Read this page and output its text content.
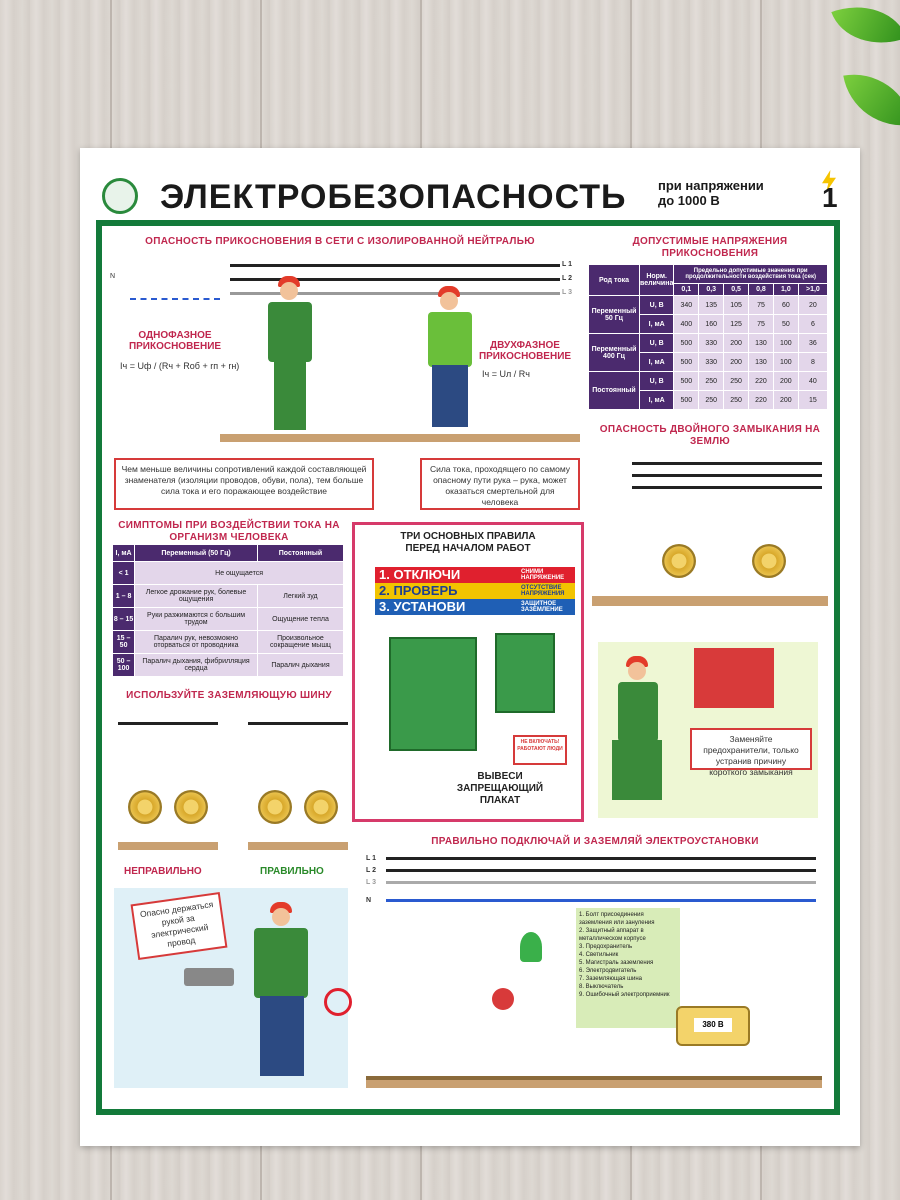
ЭЛЕКТРОБЕЗОПАСНОСТЬ при напряжении
до 1000 В	1
ОПАСНОСТЬ ПРИКОСНОВЕНИЯ В СЕТИ С ИЗОЛИРОВАННОЙ НЕЙТРАЛЬЮ
N
L 1
L 2
L 3
ОДНОФАЗНОЕ ПРИКОСНОВЕНИЕ
Iч = Uф / (Rч + Rоб + rп + rн)
ДВУХФАЗНОЕ ПРИКОСНОВЕНИЕ
Iч = Uл / Rч
Чем меньше величины сопротивлений каждой составляющей знаменателя (изоляции проводов, обуви, пола), тем больше сила тока и его поражающее воздействие
Сила тока, проходящего по самому опасному пути рука – рука, может оказаться смертельной для человека
ДОПУСТИМЫЕ НАПРЯЖЕНИЯ ПРИКОСНОВЕНИЯ
Род тока	Норм. величина	Предельно допустимые значения при продолжительности воздействия тока (сек)					
		0,1	0,3	0,5	0,8	1,0	>1,0
Переменный 50 Гц	U, В	340	135	105	75	60	20
	I, мА	400	160	125	75	50	6
Переменный 400 Гц	U, В	500	330	200	130	100	36
	I, мА	500	330	200	130	100	8
Постоянный	U, В	500	250	250	220	200	40
	I, мА	500	250	250	220	200	15
ОПАСНОСТЬ ДВОЙНОГО ЗАМЫКАНИЯ НА ЗЕМЛЮ
Заменяйте предохранители, только устранив причину короткого замыкания
СИМПТОМЫ ПРИ ВОЗДЕЙСТВИИ ТОКА НА ОРГАНИЗМ ЧЕЛОВЕКА
I, мА	Переменный (50 Гц)	Постоянный
< 1	Не ощущается	
1 – 8	Легкое дрожание рук, болевые ощущения	Легкий зуд
8 – 15	Руки разжимаются с большим трудом	Ощущение тепла
15 – 50	Паралич рук, невозможно оторваться от проводника	Произвольное сокращение мышц
50 – 100	Паралич дыхания, фибрилляция сердца	Паралич дыхания
ИСПОЛЬЗУЙТЕ ЗАЗЕМЛЯЮЩУЮ ШИНУ
НЕПРАВИЛЬНО	ПРАВИЛЬНО
ТРИ ОСНОВНЫХ ПРАВИЛА
ПЕРЕД НАЧАЛОМ РАБОТ
1. ОТКЛЮЧИ	СНИМИ НАПРЯЖЕНИЕ
2. ПРОВЕРЬ	ОТСУТСТВИЕ НАПРЯЖЕНИЯ
3. УСТАНОВИ	ЗАЩИТНОЕ ЗАЗЕМЛЕНИЕ
НЕ ВКЛЮЧАТЬ! РАБОТАЮТ ЛЮДИ
ВЫВЕСИ
ЗАПРЕЩАЮЩИЙ
ПЛАКАТ
Опасно держаться рукой за электрический провод
ПРАВИЛЬНО ПОДКЛЮЧАЙ И ЗАЗЕМЛЯЙ ЭЛЕКТРОУСТАНОВКИ
L 1
L 2
L 3
N
1. Болт присоединения заземления или зануления
2. Защитный аппарат в металлическом корпусе
3. Предохранитель
4. Светильник
5. Магистраль заземления
6. Электродвигатель
7. Заземляющая шина
8. Выключатель
9. Ошибочный электроприемник
380 В
